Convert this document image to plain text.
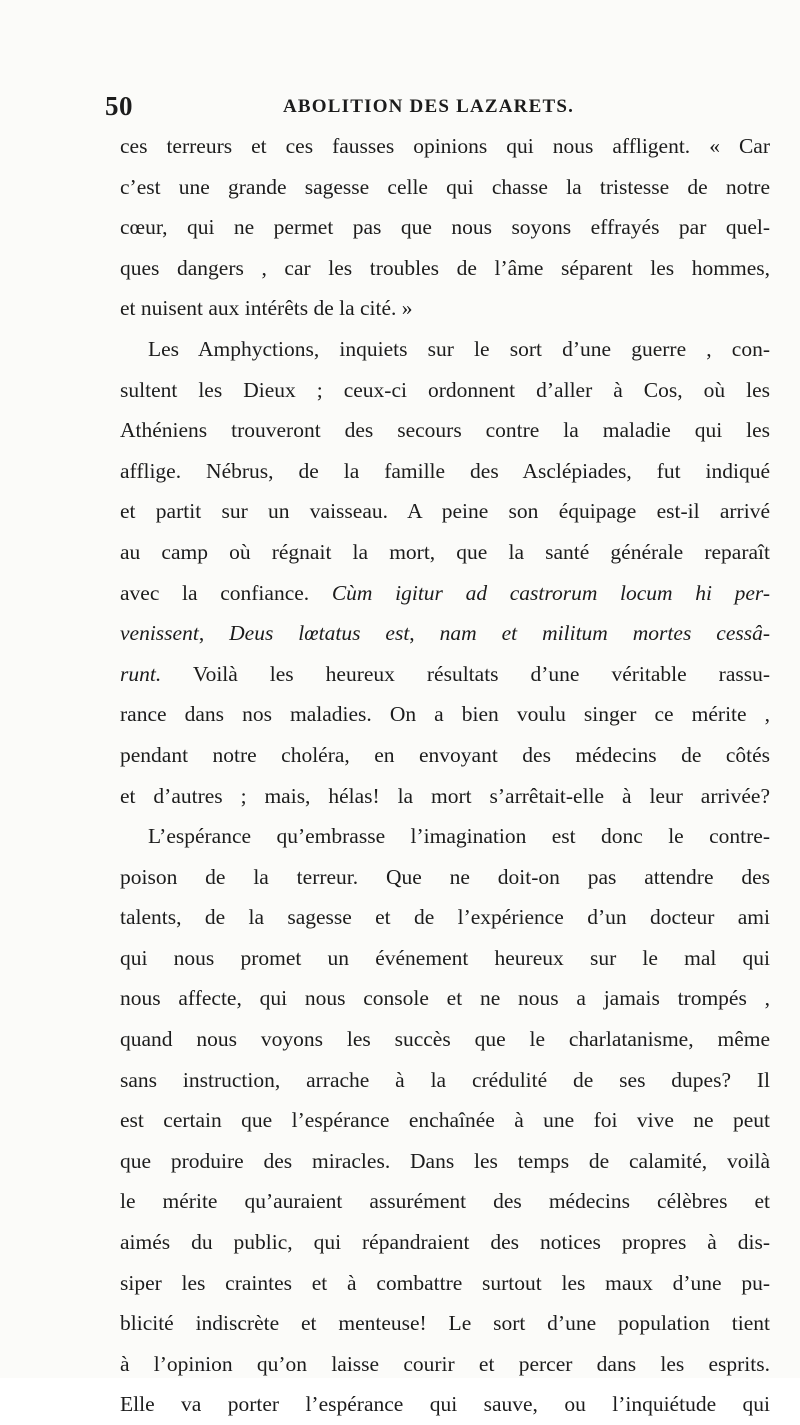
50	ABOLITION DES LAZARETS.
ces terreurs et ces fausses opinions qui nous affligent. « Car
c’est une grande sagesse celle qui chasse la tristesse de notre
cœur, qui ne permet pas que nous soyons effrayés par quel-
ques dangers , car les troubles de l’âme séparent les hommes,
et nuisent aux intérêts de la cité. »
Les Amphyctions, inquiets sur le sort d’une guerre , con-
sultent les Dieux ; ceux-ci ordonnent d’aller à Cos, où les
Athéniens trouveront des secours contre la maladie qui les
afflige. Nébrus, de la famille des Asclépiades, fut indiqué
et partit sur un vaisseau. A peine son équipage est-il arrivé
au camp où régnait la mort, que la santé générale reparaît
avec la confiance. Cùm igitur ad castrorum locum hi per-
venissent, Deus lœtatus est, nam et militum mortes cessâ-
runt. Voilà les heureux résultats d’une véritable rassu-
rance dans nos maladies. On a bien voulu singer ce mérite ,
pendant notre choléra, en envoyant des médecins de côtés
et d’autres ; mais, hélas! la mort s’arrêtait-elle à leur arrivée?
L’espérance qu’embrasse l’imagination est donc le contre-
poison de la terreur. Que ne doit-on pas attendre des
talents, de la sagesse et de l’expérience d’un docteur ami
qui nous promet un événement heureux sur le mal qui
nous affecte, qui nous console et ne nous a jamais trompés ,
quand nous voyons les succès que le charlatanisme, même
sans instruction, arrache à la crédulité de ses dupes? Il
est certain que l’espérance enchaînée à une foi vive ne peut
que produire des miracles. Dans les temps de calamité, voilà
le mérite qu’auraient assurément des médecins célèbres et
aimés du public, qui répandraient des notices propres à dis-
siper les craintes et à combattre surtout les maux d’une pu-
blicité indiscrète et menteuse! Le sort d’une population tient
à l’opinion qu’on laisse courir et percer dans les esprits.
Elle va porter l’espérance qui sauve, ou l’inquiétude qui
